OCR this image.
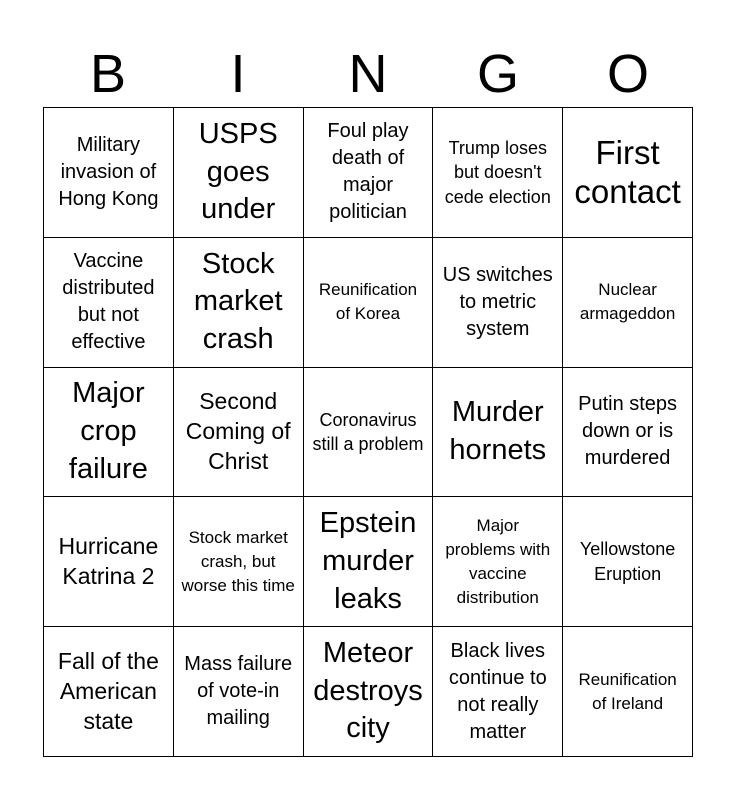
B	I	N	G	O
Military invasion of Hong Kong
USPS goes under
Foul play death of major politician
Trump loses but doesn't cede election
First contact
Vaccine distributed but not effective
Stock market crash
Reunification of Korea
US switches to metric system
Nuclear armageddon
Major crop failure
Second Coming of Christ
Coronavirus still a problem
Murder hornets
Putin steps down or is murdered
Hurricane Katrina 2
Stock market crash, but worse this time
Epstein murder leaks
Major problems with vaccine distribution
Yellowstone Eruption
Fall of the American state
Mass failure of vote-in mailing
Meteor destroys city
Black lives continue to not really matter
Reunification of Ireland
